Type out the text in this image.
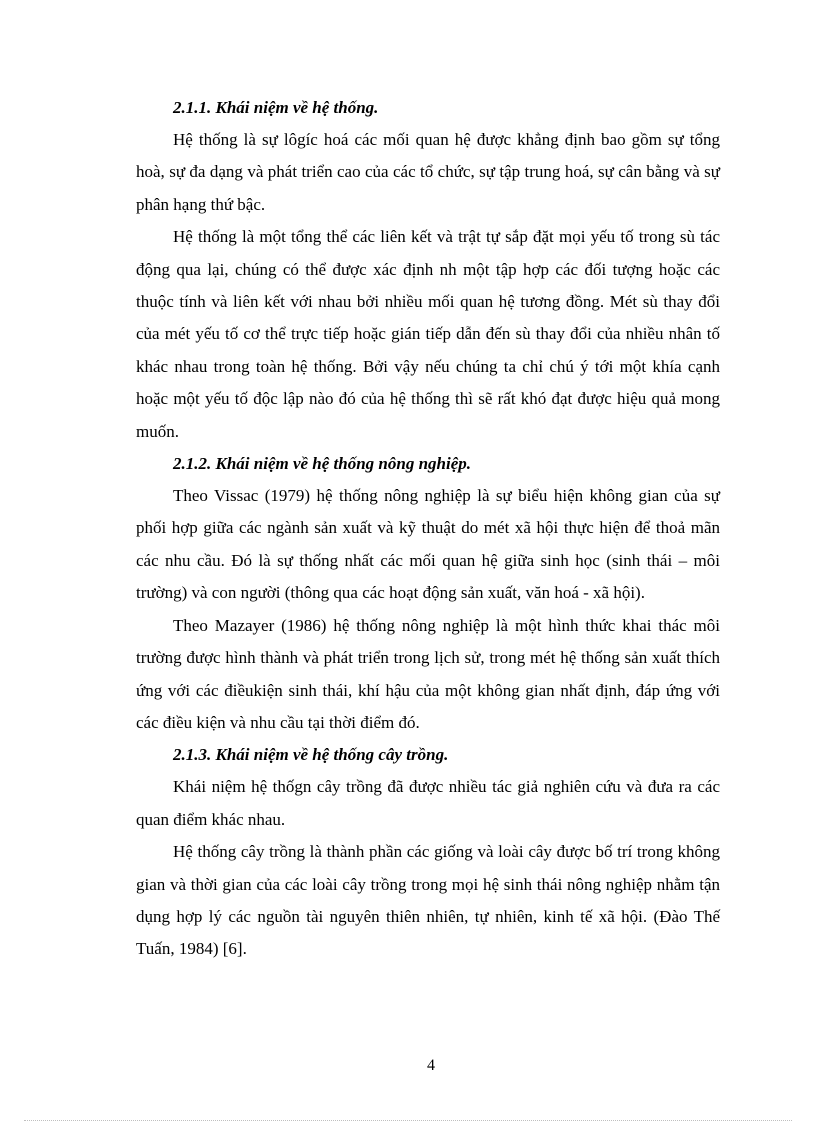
2.1.1. Khái niệm về hệ thống.

Hệ thống là sự lôgíc hoá các mối quan hệ được khẳng định bao gồm sự tổng hoà, sự đa dạng và phát triển cao của các tổ chức, sự tập trung hoá, sự cân bằng và sự phân hạng thứ bậc.

Hệ thống là một tổng thể các liên kết và trật tự sắp đặt mọi yếu tố trong sù tác động qua lại, chúng có thể được xác định nh một tập hợp các đối tượng hoặc các thuộc tính và liên kết với nhau bởi nhiều mối quan hệ tương đồng. Mét sù thay đổi của mét yếu tố cơ thể trực tiếp hoặc gián tiếp dẫn đến sù thay đổi của nhiều nhân tố khác nhau trong toàn hệ thống. Bởi vậy nếu chúng ta chỉ chú ý tới một khía cạnh hoặc một yếu tố độc lập nào đó của hệ thống thì sẽ rất khó đạt được hiệu quả mong muốn.

2.1.2. Khái niệm về hệ thống nông nghiệp.

Theo Vissac (1979) hệ thống nông nghiệp là sự biểu hiện không gian của sự phối hợp giữa các ngành sản xuất và kỹ thuật do mét xã hội thực hiện để thoả mãn các nhu cầu. Đó là sự thống nhất các mối quan hệ giữa sinh học (sinh thái – môi trường) và con người (thông qua các hoạt động sản xuất, văn hoá - xã hội).

Theo Mazayer (1986) hệ thống nông nghiệp là một hình thức khai thác môi trường được hình thành và phát triển trong lịch sử, trong mét hệ thống sản xuất thích ứng với các điềukiện sinh thái, khí hậu của một không gian nhất định, đáp ứng với các điều kiện và nhu cầu tại thời điểm đó.

2.1.3. Khái niệm về hệ thống cây trồng.

Khái niệm hệ thốgn cây trồng đã được nhiều tác giả nghiên cứu và đưa ra các quan điểm khác nhau.

Hệ thống cây trồng là thành phần các giống và loài cây được bố trí trong không gian và thời gian của các loài cây trồng trong mọi hệ sinh thái nông nghiệp nhằm tận dụng hợp lý các nguồn tài nguyên thiên nhiên, tự nhiên, kinh tế xã hội. (Đào Thế Tuấn, 1984) [6].

4
